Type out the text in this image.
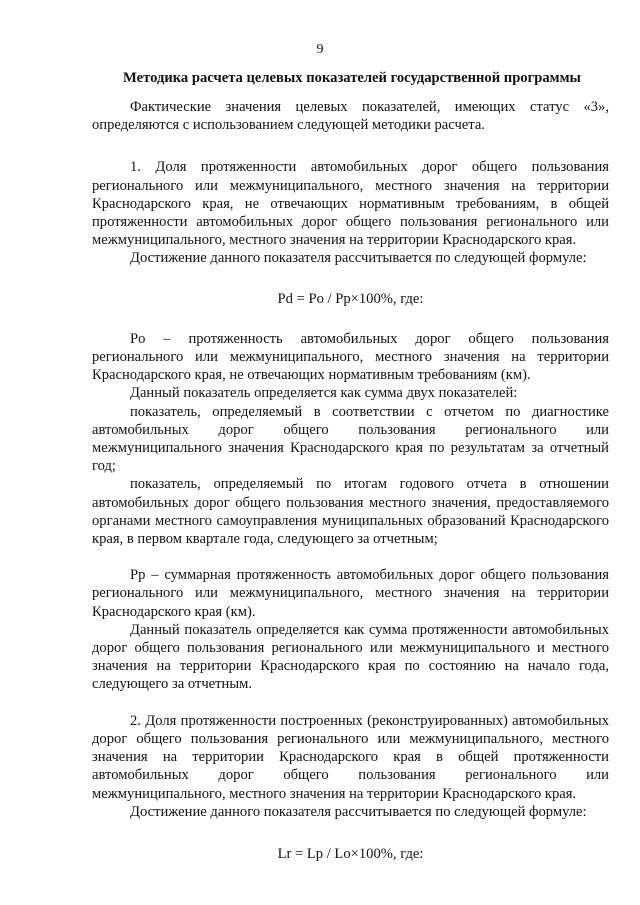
9
Методика расчета целевых показателей государственной программы

Фактические значения целевых показателей, имеющих статус «3», определяются с использованием следующей методики расчета.

1. Доля протяженности автомобильных дорог общего пользования регионального или межмуниципального, местного значения на территории Краснодарского края, не отвечающих нормативным требованиям, в общей протяженности автомобильных дорог общего пользования регионального или межмуниципального, местного значения на территории Краснодарского края.

Достижение данного показателя рассчитывается по следующей формуле:

Pd = Po / Pp×100%, где:

Po – протяженность автомобильных дорог общего пользования регионального или межмуниципального, местного значения на территории Краснодарского края, не отвечающих нормативным требованиям (км).

Данный показатель определяется как сумма двух показателей:

показатель, определяемый в соответствии с отчетом по диагностике автомобильных дорог общего пользования регионального или межмуниципального значения Краснодарского края по результатам за отчетный год;

показатель, определяемый по итогам годового отчета в отношении автомобильных дорог общего пользования местного значения, предоставляемого органами местного самоуправления муниципальных образований Краснодарского края, в первом квартале года, следующего за отчетным;

Pp – суммарная протяженность автомобильных дорог общего пользования регионального или межмуниципального, местного значения на территории Краснодарского края (км).

Данный показатель определяется как сумма протяженности автомобильных дорог общего пользования регионального или межмуниципального и местного значения на территории Краснодарского края по состоянию на начало года, следующего за отчетным.

2. Доля протяженности построенных (реконструированных) автомобильных дорог общего пользования регионального или межмуниципального, местного значения на территории Краснодарского края в общей протяженности автомобильных дорог общего пользования регионального или межмуниципального, местного значения на территории Краснодарского края.

Достижение данного показателя рассчитывается по следующей формуле:

Lr = Lp / Lo×100%, где:
